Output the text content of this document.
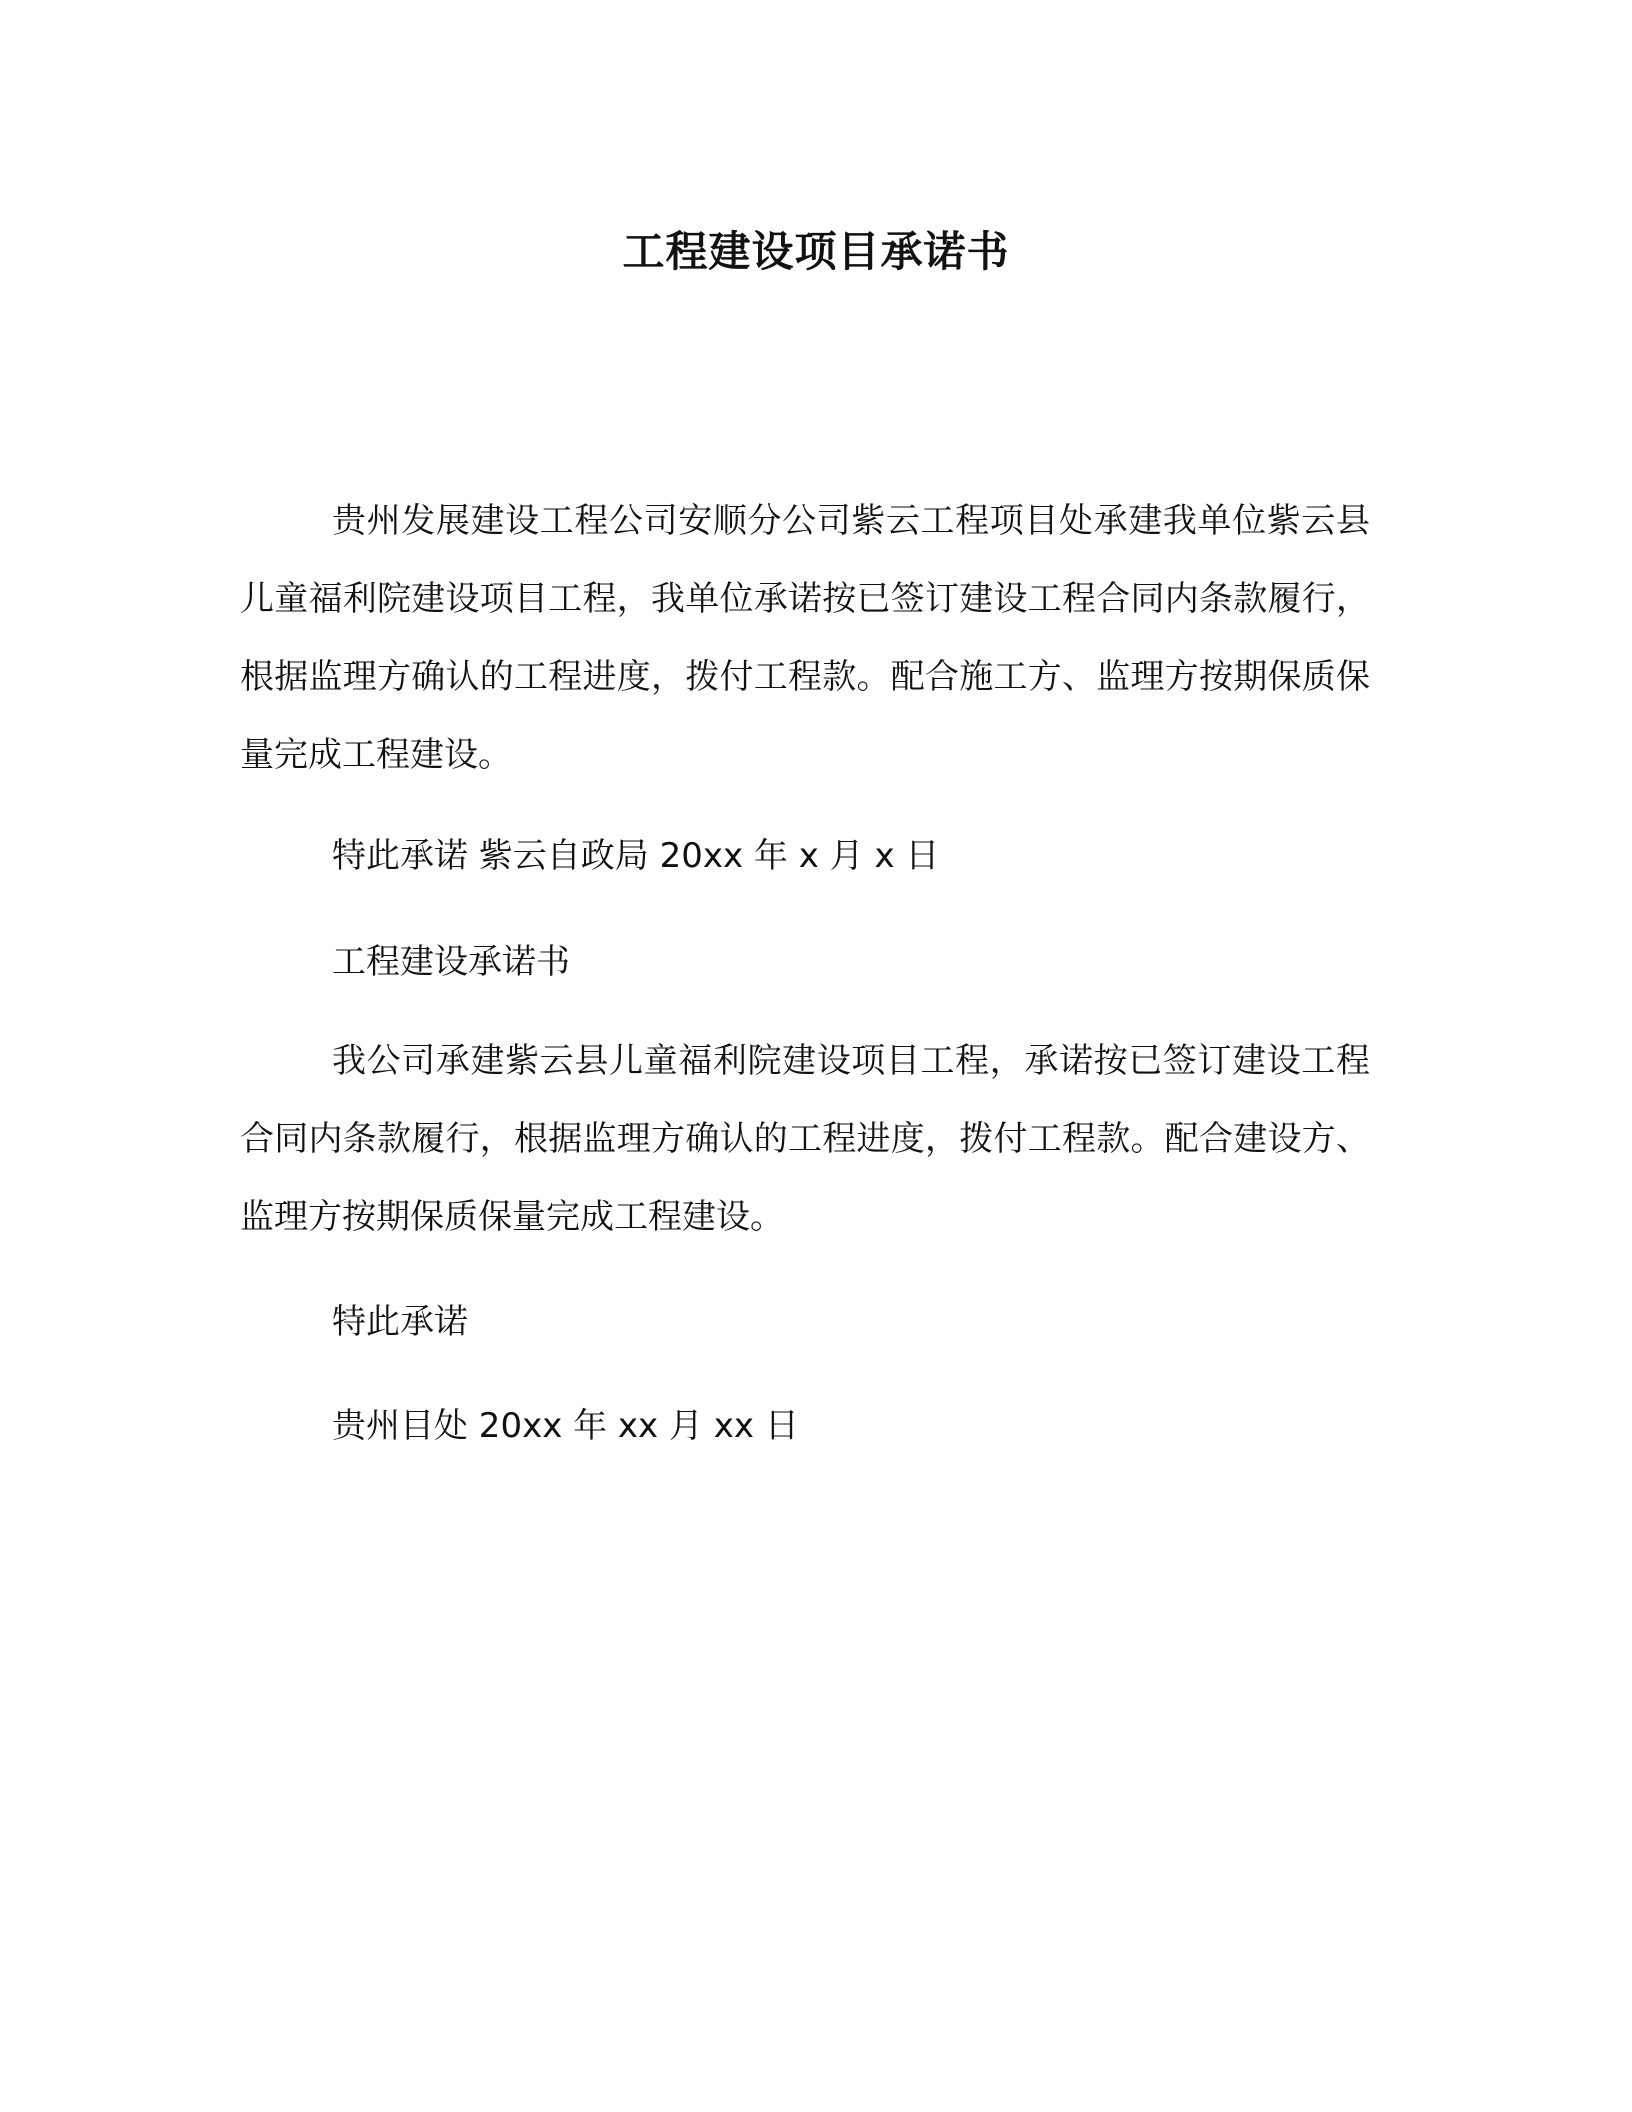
工程建设项目承诺书

贵州发展建设工程公司安顺分公司紫云工程项目处承建我单位紫云县儿童福利院建设项目工程，我单位承诺按已签订建设工程合同内条款履行，根据监理方确认的工程进度，拨付工程款。配合施工方、监理方按期保质保量完成工程建设。

特此承诺 紫云自政局 20xx 年 x 月 x 日

工程建设承诺书

我公司承建紫云县儿童福利院建设项目工程，承诺按已签订建设工程合同内条款履行，根据监理方确认的工程进度，拨付工程款。配合建设方、监理方按期保质保量完成工程建设。

特此承诺

贵州目处 20xx 年 xx 月 xx 日
